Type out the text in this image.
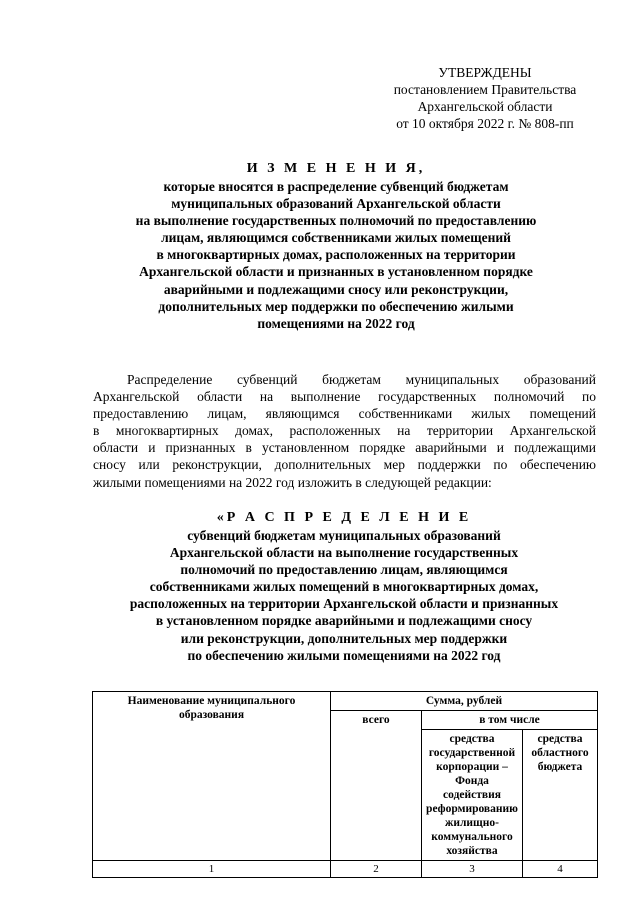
УТВЕРЖДЕНЫ
постановлением Правительства
Архангельской области
от 10 октября 2022 г. № 808-пп
И З М Е Н Е Н И Я,
которые вносятся в распределение субвенций бюджетам
муниципальных образований Архангельской области
на выполнение государственных полномочий по предоставлению
лицам, являющимся собственниками жилых помещений
в многоквартирных домах, расположенных на территории
Архангельской области и признанных в установленном порядке
аварийными и подлежащими сносу или реконструкции,
дополнительных мер поддержки по обеспечению жилыми
помещениями на 2022 год
Распределение субвенций бюджетам муниципальных образований
Архангельской области на выполнение государственных полномочий по
предоставлению лицам, являющимся собственниками жилых помещений
в многоквартирных домах, расположенных на территории Архангельской
области и признанных в установленном порядке аварийными и подлежащими
сносу или реконструкции, дополнительных мер поддержки по обеспечению
жилыми помещениями на 2022 год изложить в следующей редакции:
«Р А С П Р Е Д Е Л Е Н И Е
субвенций бюджетам муниципальных образований
Архангельской области на выполнение государственных
полномочий по предоставлению лицам, являющимся
собственниками жилых помещений в многоквартирных домах,
расположенных на территории Архангельской области и признанных
в установленном порядке аварийными и подлежащими сносу
или реконструкции, дополнительных мер поддержки
по обеспечению жилыми помещениями на 2022 год
Наименование муниципального образования	Сумма, рублей		
	всего	в том числе	
		средства государственной корпорации – Фонда содействия реформированию жилищно-коммунального хозяйства	средства областного бюджета
1	2	3	4
